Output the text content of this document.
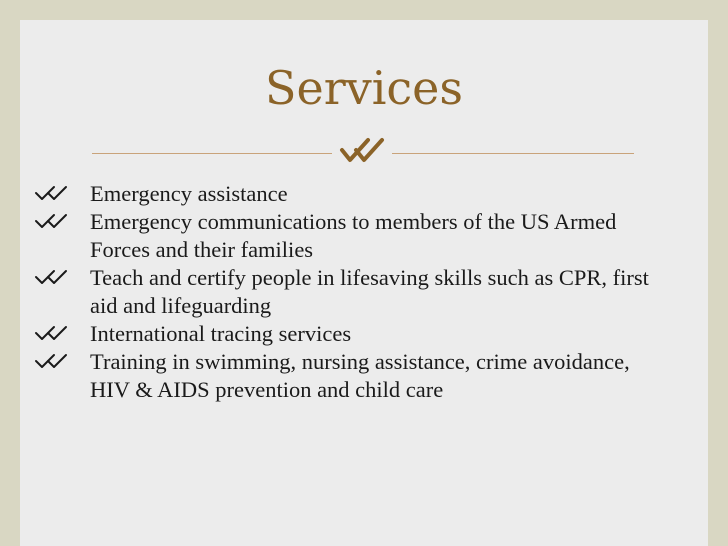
Services
Emergency assistance
Emergency communications to members of the US Armed Forces and their families
Teach and certify people in lifesaving skills such as CPR, first aid and lifeguarding
International tracing services
Training in swimming, nursing assistance, crime avoidance, HIV & AIDS prevention and child care
